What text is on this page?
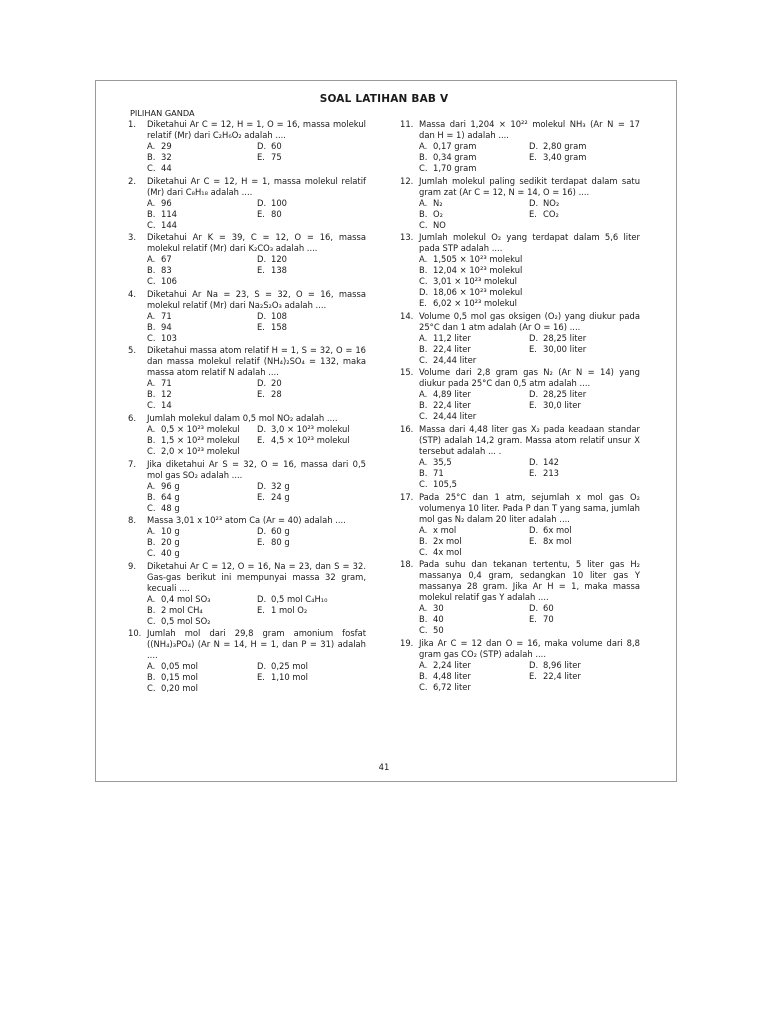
SOAL LATIHAN BAB V
PILIHAN GANDA
1.	Diketahui Ar C = 12, H = 1, O = 16, massa molekul relatif (Mr) dari C₂H₆O₂ adalah ....
A. 29	D. 60
B. 32	E. 75
C. 44
2.	Diketahui Ar C = 12, H = 1, massa molekul relatif (Mr) dari C₈H₁₈ adalah ....
A. 96	D. 100
B. 114	E. 80
C. 144
3.	Diketahui Ar K = 39, C = 12, O = 16, massa molekul relatif (Mr) dari K₂CO₃ adalah ....
A. 67	D. 120
B. 83	E. 138
C. 106
4.	Diketahui Ar Na = 23, S = 32, O = 16, massa molekul relatif (Mr) dari Na₂S₂O₃ adalah ....
A. 71	D. 108
B. 94	E. 158
C. 103
5.	Diketahui massa atom relatif H = 1, S = 32, O = 16 dan massa molekul relatif (NH₄)₂SO₄ = 132, maka massa atom relatif N adalah ....
A. 71	D. 20
B. 12	E. 28
C. 14
6.	Jumlah molekul dalam 0,5 mol NO₂ adalah ....
A. 0,5 × 10²³ molekul	D. 3,0 × 10²³ molekul
B. 1,5 × 10²³ molekul	E. 4,5 × 10²³ molekul
C. 2,0 × 10²³ molekul
7.	Jika diketahui Ar S = 32, O = 16, massa dari 0,5 mol gas SO₂ adalah ....
A. 96 g	D. 32 g
B. 64 g	E. 24 g
C. 48 g
8.	Massa 3,01 x 10²³ atom Ca (Ar = 40) adalah ....
A. 10 g	D. 60 g
B. 20 g	E. 80 g
C. 40 g
9.	Diketahui Ar C = 12, O = 16, Na = 23, dan S = 32. Gas-gas berikut ini mempunyai massa 32 gram, kecuali ....
A. 0,4 mol SO₃	D. 0,5 mol C₄H₁₀
B. 2 mol CH₄	E. 1 mol O₂
C. 0,5 mol SO₂
10. Jumlah mol dari 29,8 gram amonium fosfat ((NH₄)₃PO₄) (Ar N = 14, H = 1, dan P = 31) adalah ....
A. 0,05 mol	D. 0,25 mol
B. 0,15 mol	E. 1,10 mol
C. 0,20 mol
11. Massa dari 1,204 × 10²² molekul NH₃ (Ar N = 17 dan H = 1) adalah ....
A. 0,17 gram	D. 2,80 gram
B. 0,34 gram	E. 3,40 gram
C. 1,70 gram
12. Jumlah molekul paling sedikit terdapat dalam satu gram zat (Ar C = 12, N = 14, O = 16) ....
A. N₂	D. NO₂
B. O₂	E. CO₂
C. NO
13. Jumlah molekul O₂ yang terdapat dalam 5,6 liter pada STP adalah ....
A. 1,505 × 10²³ molekul
B. 12,04 × 10²³ molekul
C. 3,01 × 10²³ molekul
D. 18,06 × 10²³ molekul
E. 6,02 × 10²³ molekul
14. Volume 0,5 mol gas oksigen (O₂) yang diukur pada 25°C dan 1 atm adalah (Ar O = 16) ....
A. 11,2 liter	D. 28,25 liter
B. 22,4 liter	E. 30,00 liter
C. 24,44 liter
15. Volume dari 2,8 gram gas N₂ (Ar N = 14) yang diukur pada 25°C dan 0,5 atm adalah ....
A. 4,89 liter	D. 28,25 liter
B. 22,4 liter	E. 30,0 liter
C. 24,44 liter
16. Massa dari 4,48 liter gas X₂ pada keadaan standar (STP) adalah 14,2 gram. Massa atom relatif unsur X tersebut adalah ... .
A. 35,5	D. 142
B. 71	E. 213
C. 105,5
17. Pada 25°C dan 1 atm, sejumlah x mol gas O₂ volumenya 10 liter. Pada P dan T yang sama, jumlah mol gas N₂ dalam 20 liter adalah ....
A. x mol	D. 6x mol
B. 2x mol	E. 8x mol
C. 4x mol
18. Pada suhu dan tekanan tertentu, 5 liter gas H₂ massanya 0,4 gram, sedangkan 10 liter gas Y massanya 28 gram. Jika Ar H = 1, maka massa molekul relatif gas Y adalah ....
A. 30	D. 60
B. 40	E. 70
C. 50
19. Jika Ar C = 12 dan O = 16, maka volume dari 8,8 gram gas CO₂ (STP) adalah ....
A. 2,24 liter	D. 8,96 liter
B. 4,48 liter	E. 22,4 liter
C. 6,72 liter
41
